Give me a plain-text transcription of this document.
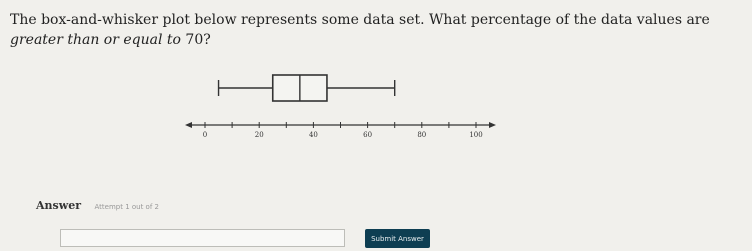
The box-and-whisker plot below represents some data set. What percentage of the data values are greater than or equal to 70?
0	20	40	60	80	100
Answer Attempt 1 out of 2
Submit Answer
